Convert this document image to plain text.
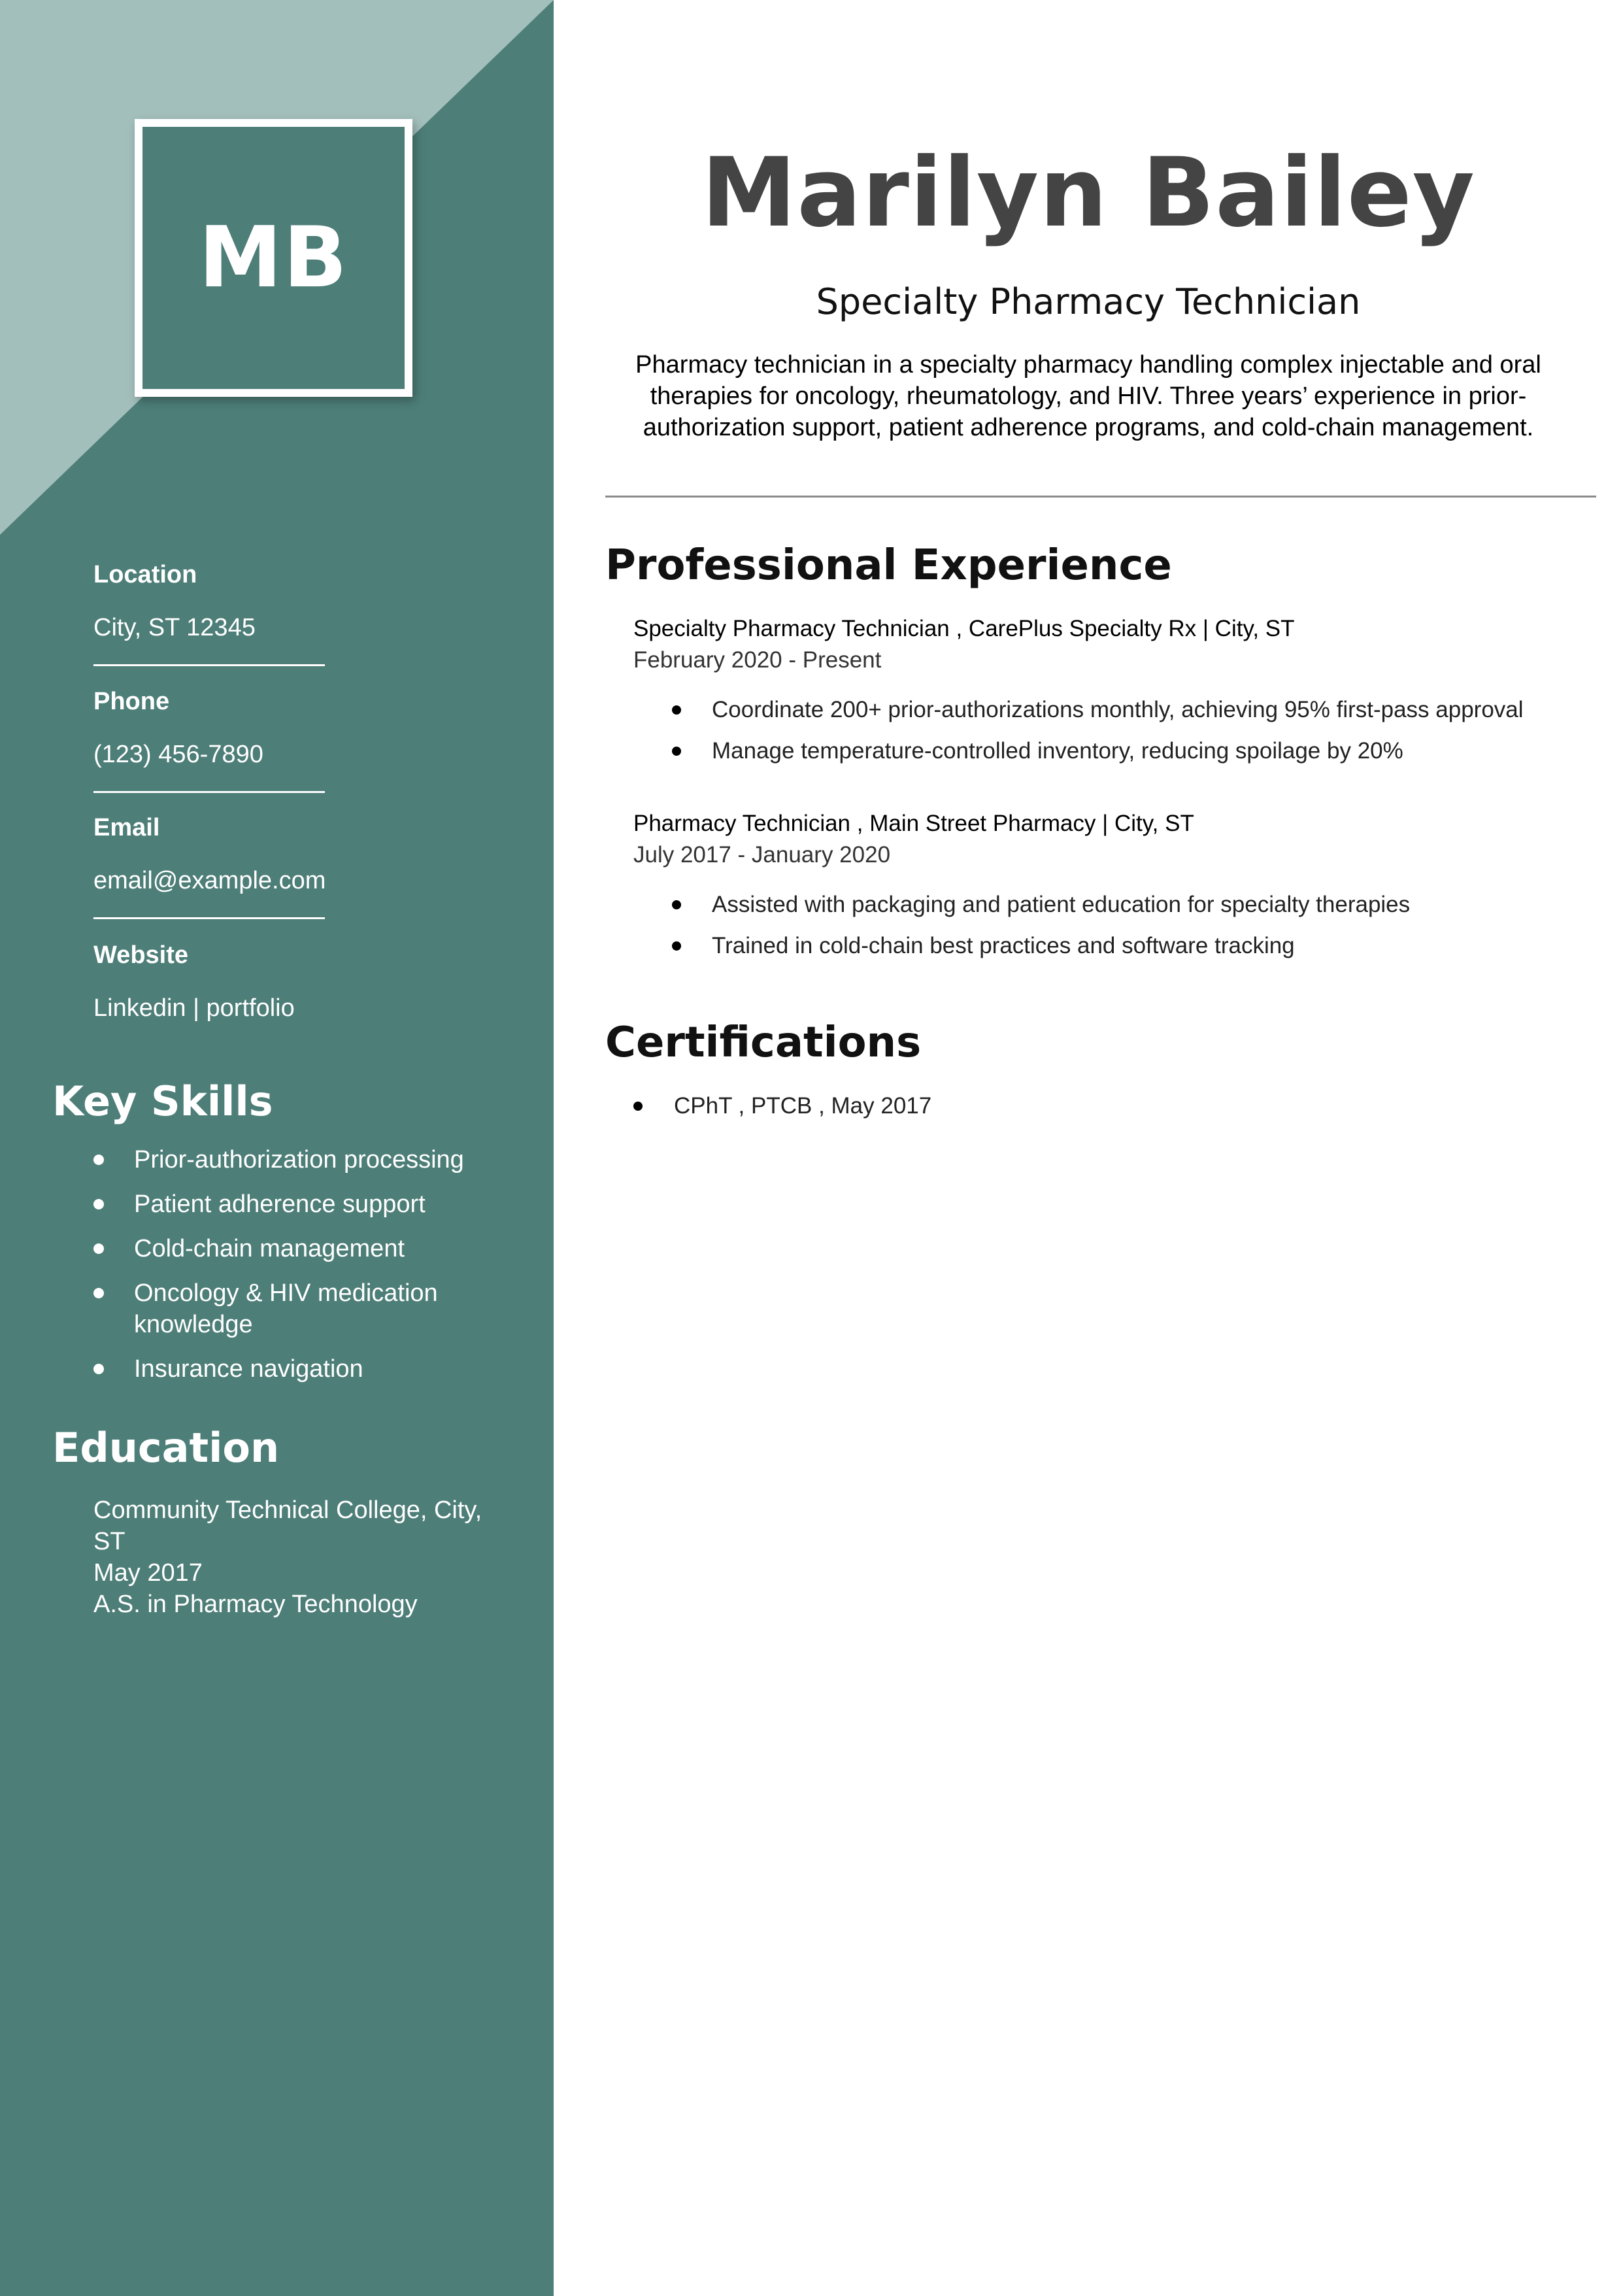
MB
Location
City, ST 12345
Phone
(123) 456-7890
Email
email@example.com
Website
Linkedin | portfolio
Key Skills
Prior-authorization processing
Patient adherence support
Cold-chain management
Oncology & HIV medication knowledge
Insurance navigation
Education
Community Technical College, City, ST
May 2017
A.S. in Pharmacy Technology
Marilyn Bailey
Specialty Pharmacy Technician
Pharmacy technician in a specialty pharmacy handling complex injectable and oral therapies for oncology, rheumatology, and HIV. Three years’ experience in prior-authorization support, patient adherence programs, and cold-chain management.
Professional Experience
Specialty Pharmacy Technician , CarePlus Specialty Rx | City, ST
February 2020 - Present
Coordinate 200+ prior-authorizations monthly, achieving 95% first-pass approval
Manage temperature-controlled inventory, reducing spoilage by 20%
Pharmacy Technician , Main Street Pharmacy | City, ST
July 2017 - January 2020
Assisted with packaging and patient education for specialty therapies
Trained in cold-chain best practices and software tracking
Certifications
CPhT , PTCB , May 2017
